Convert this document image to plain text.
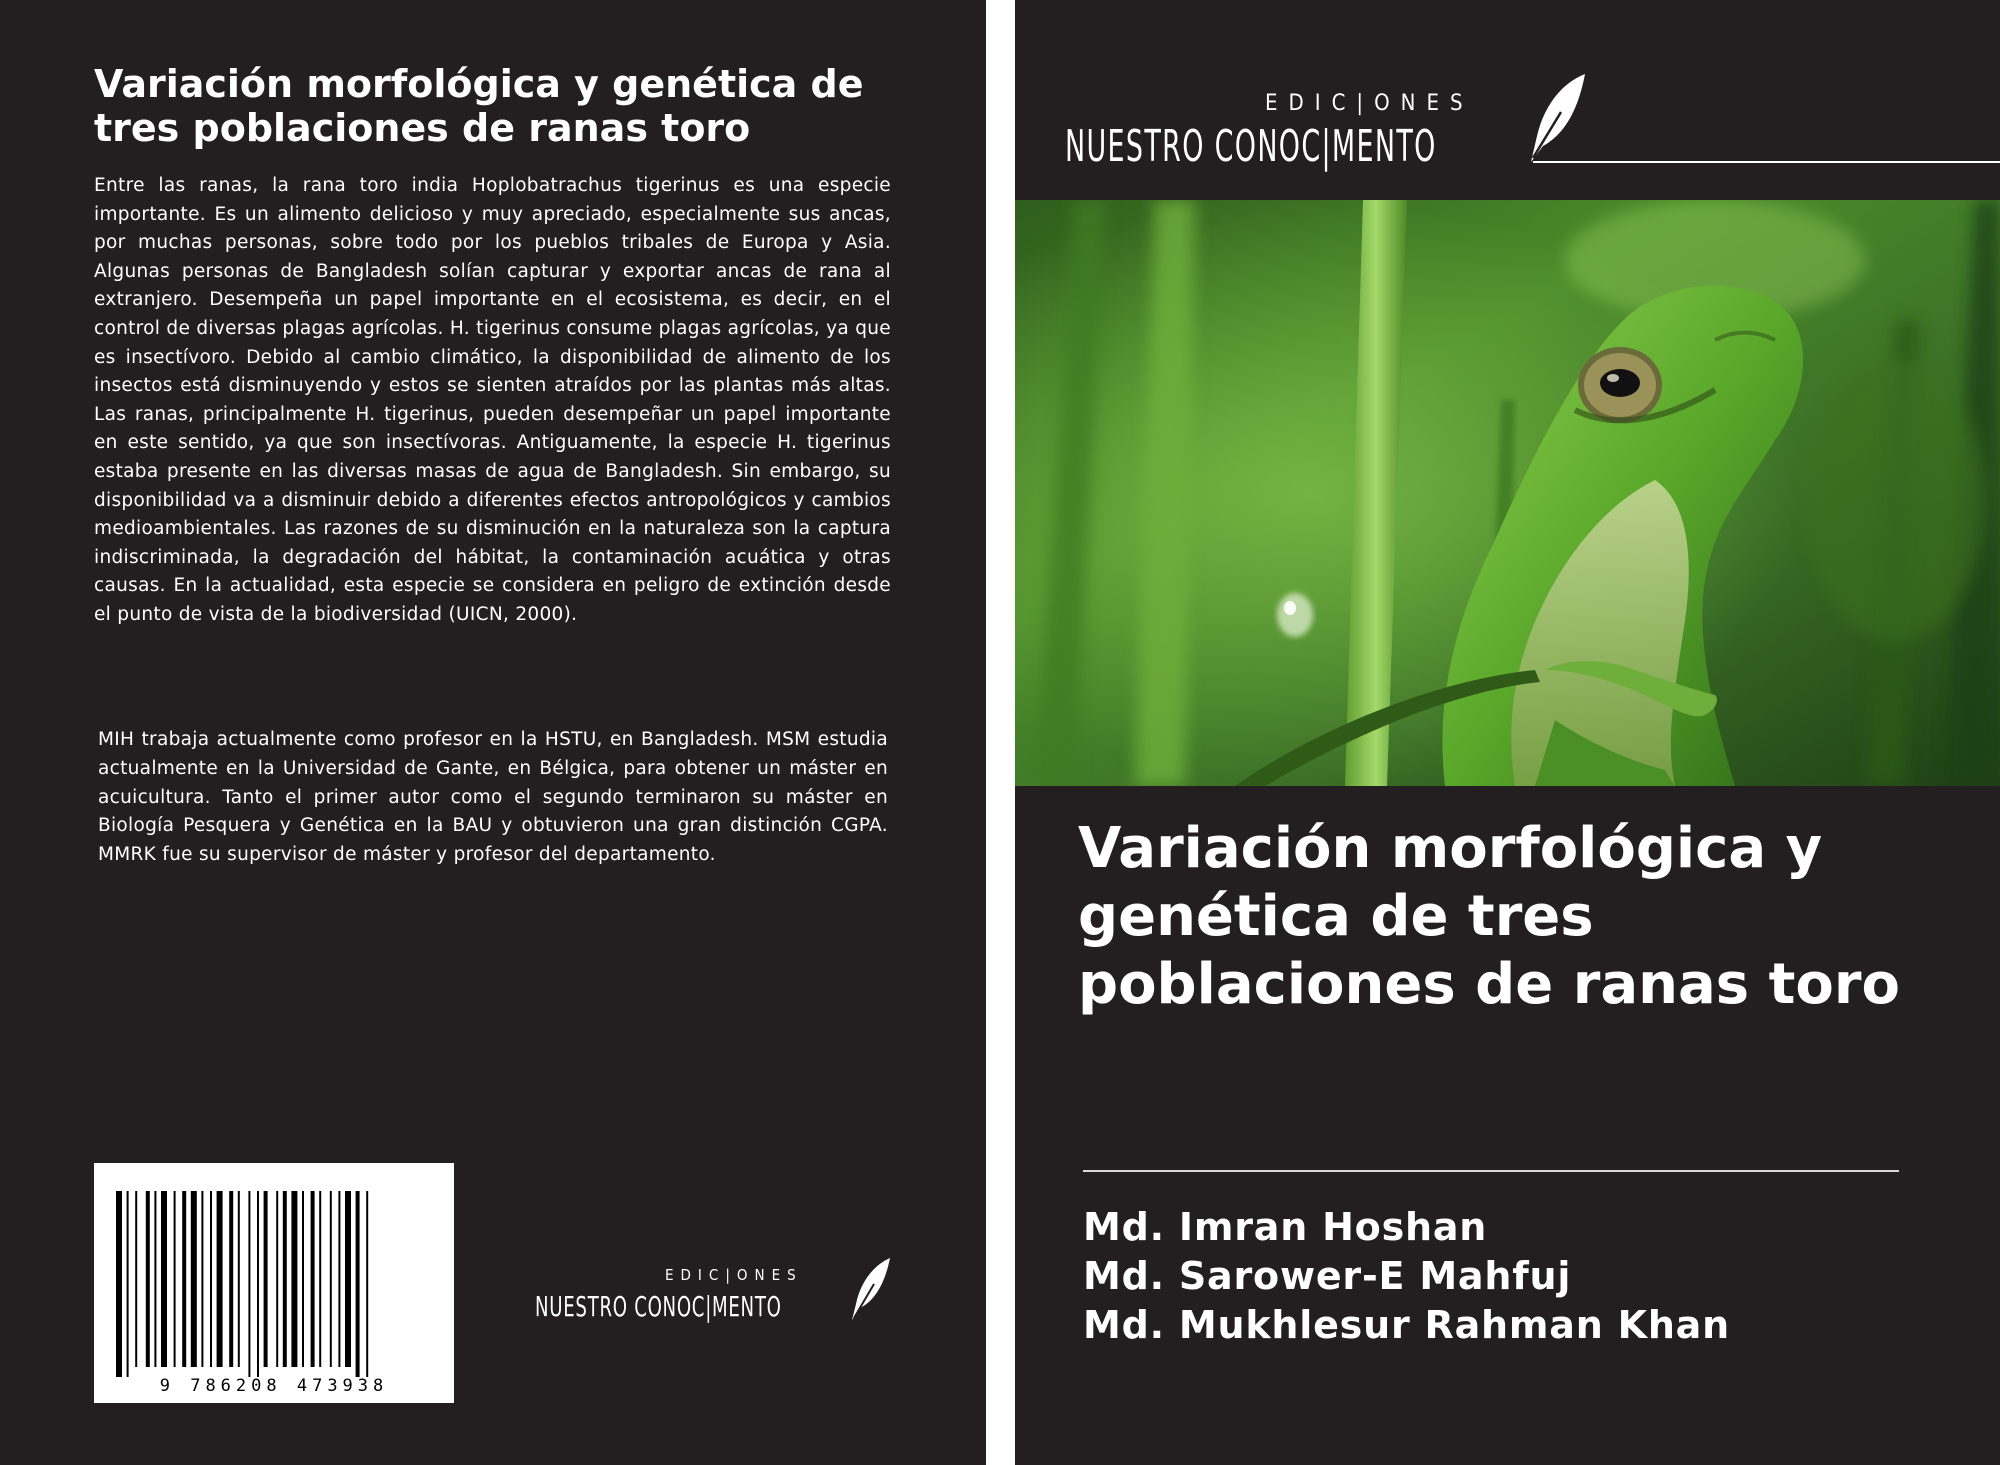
Variación morfológica y genética de tres poblaciones de ranas toro

Entre las ranas, la rana toro india Hoplobatrachus tigerinus es una especie importante. Es un alimento delicioso y muy apreciado, especialmente sus ancas, por muchas personas, sobre todo por los pueblos tribales de Europa y Asia. Algunas personas de Bangladesh solían capturar y exportar ancas de rana al extranjero. Desempeña un papel importante en el ecosistema, es decir, en el control de diversas plagas agrícolas. H. tigerinus consume plagas agrícolas, ya que es insectívoro. Debido al cambio climático, la disponibilidad de alimento de los insectos está disminuyendo y estos se sienten atraídos por las plantas más altas. Las ranas, principalmente H. tigerinus, pueden desempeñar un papel importante en este sentido, ya que son insectívoras. Antiguamente, la especie H. tigerinus estaba presente en las diversas masas de agua de Bangladesh. Sin embargo, su disponibilidad va a disminuir debido a diferentes efectos antropológicos y cambios medioambientales. Las razones de su disminución en la naturaleza son la captura indiscriminada, la degradación del hábitat, la contaminación acuática y otras causas. En la actualidad, esta especie se considera en peligro de extinción desde el punto de vista de la biodiversidad (UICN, 2000).

MIH trabaja actualmente como profesor en la HSTU, en Bangladesh. MSM estudia actualmente en la Universidad de Gante, en Bélgica, para obtener un máster en acuicultura. Tanto el primer autor como el segundo terminaron su máster en Biología Pesquera y Genética en la BAU y obtuvieron una gran distinción CGPA. MMRK fue su supervisor de máster y profesor del departamento.

9 786208 473938
EDIC|ONES
NUESTRO CONOC|MENTO
EDIC|ONES
NUESTRO CONOC|MENTO
Variación morfológica y genética de tres poblaciones de ranas toro
Md. Imran Hoshan
Md. Sarower-E Mahfuj
Md. Mukhlesur Rahman Khan
